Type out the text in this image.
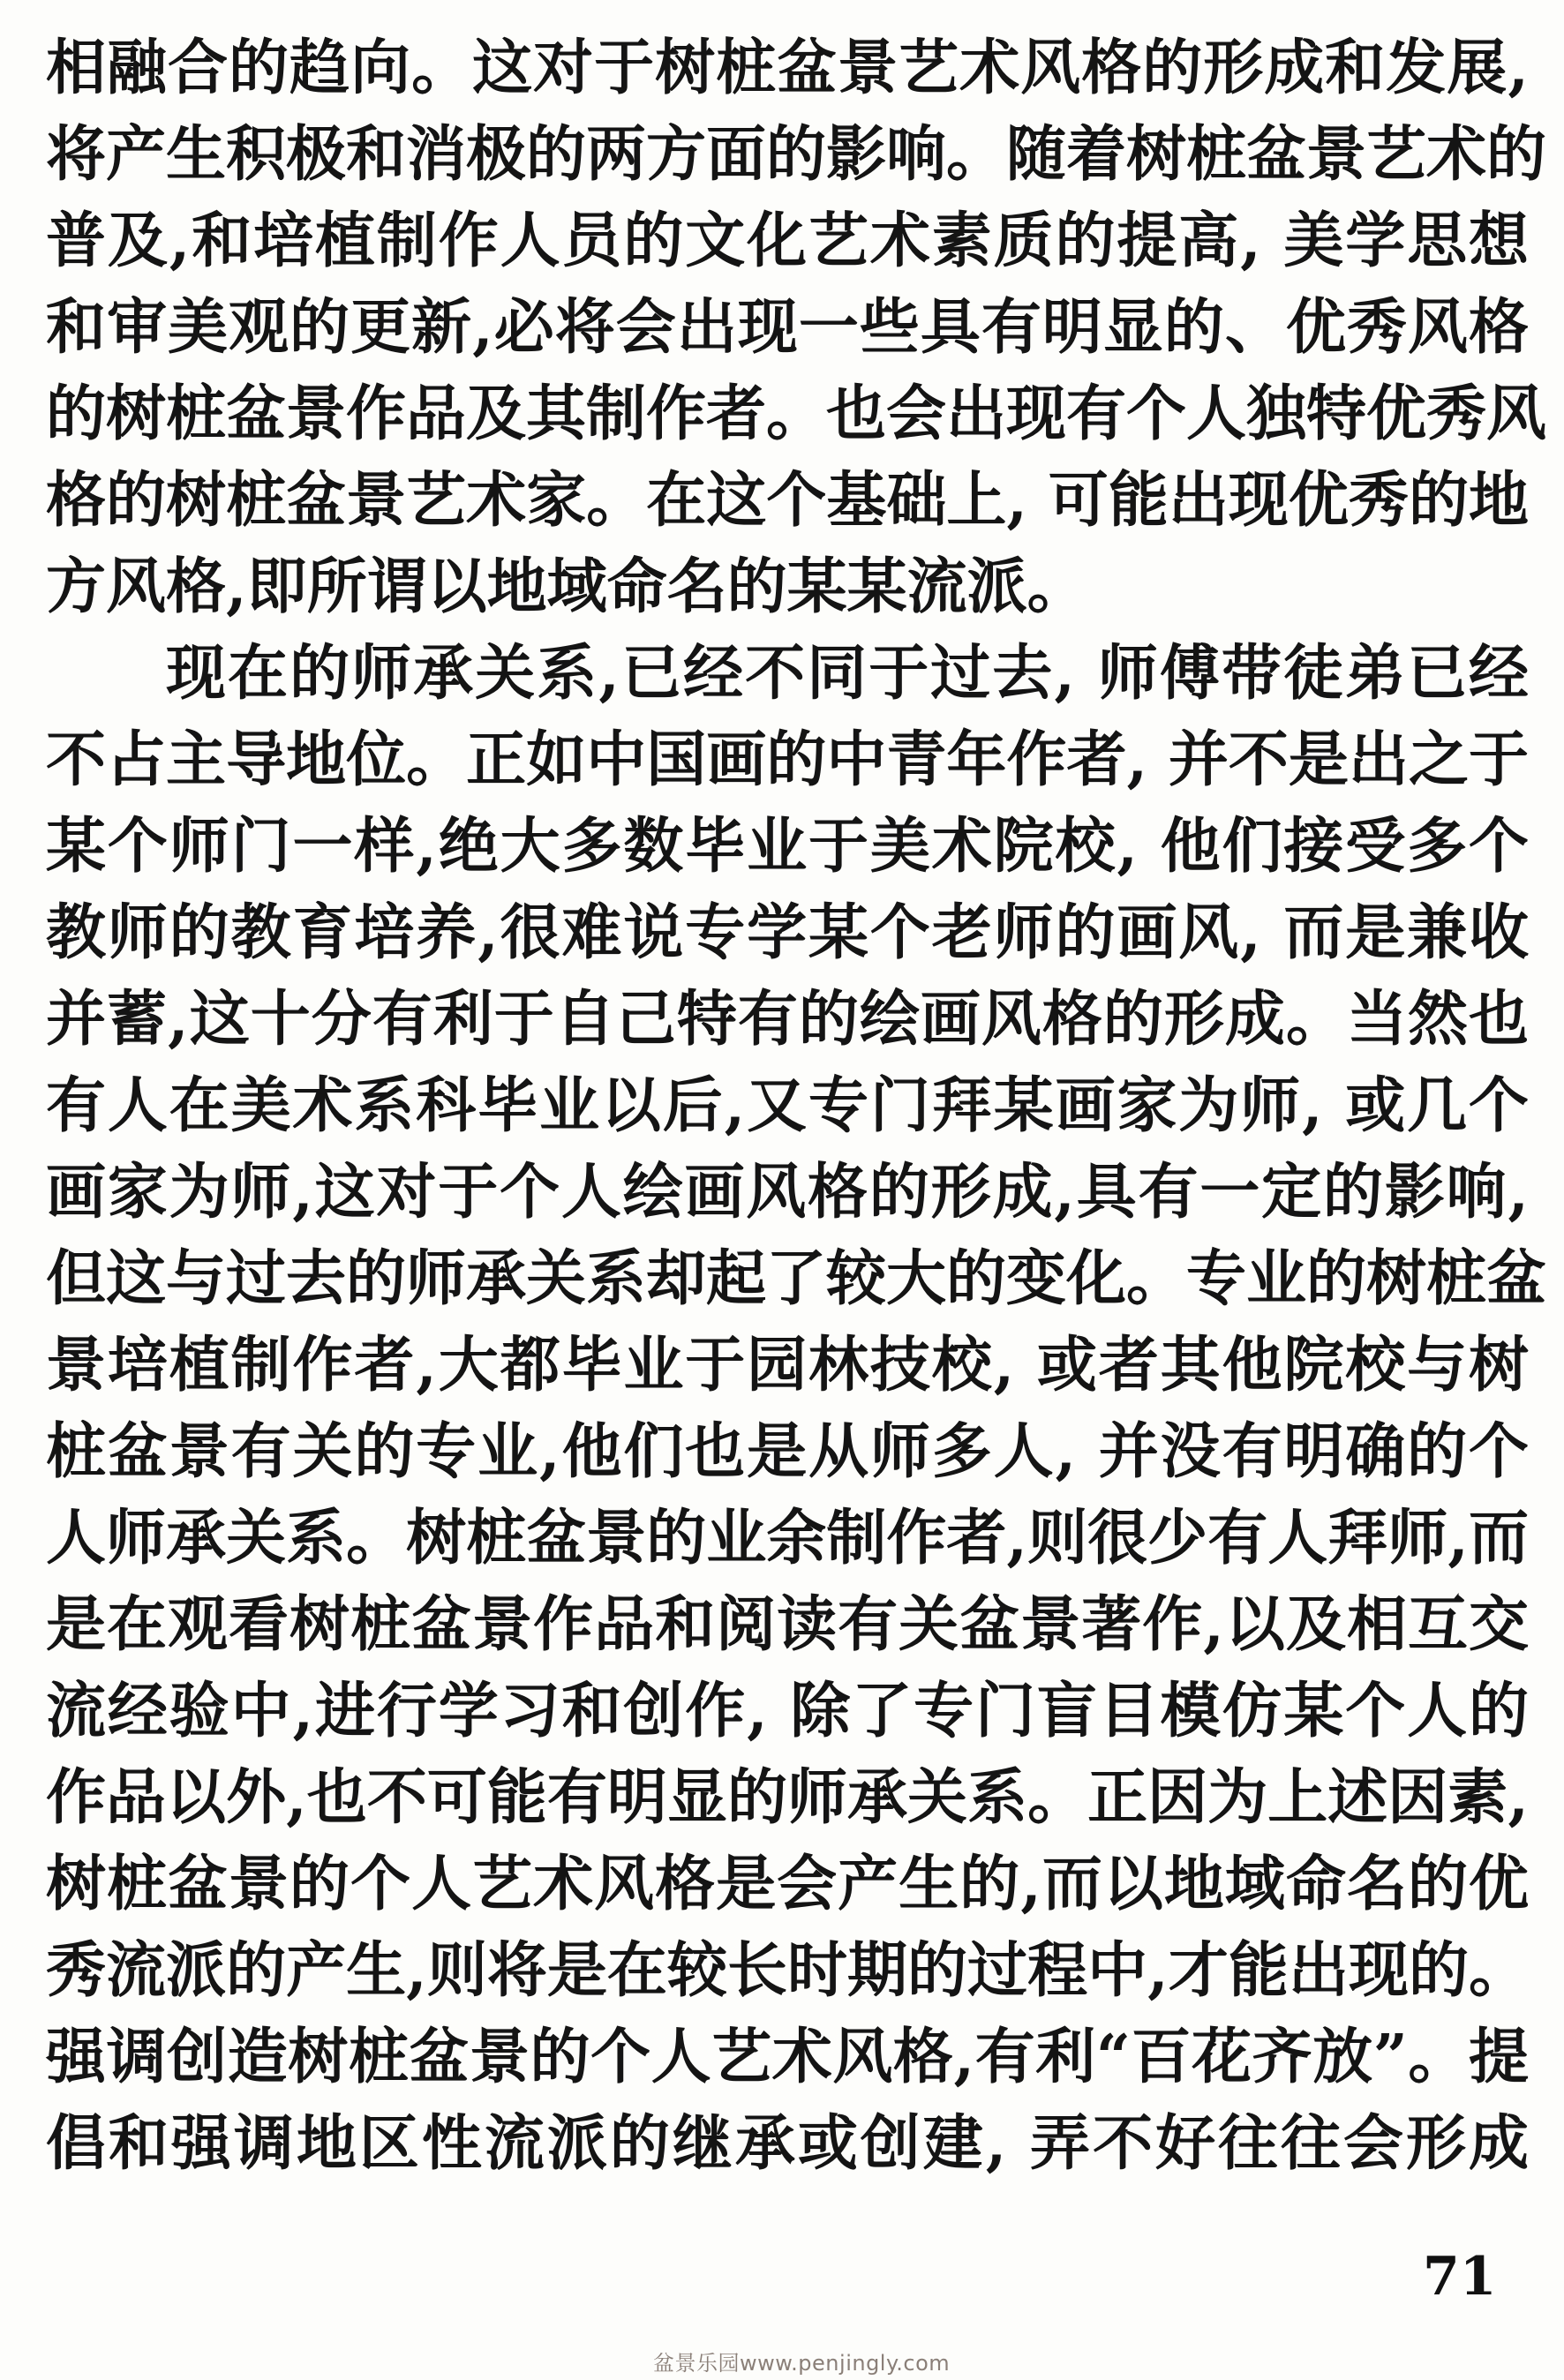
相融合的趋向。这对于树桩盆景艺术风格的形成和发展,
将产生积极和消极的两方面的影响。随着树桩盆景艺术的
普及,和培植制作人员的文化艺术素质的提高, 美学思想
和审美观的更新,必将会出现一些具有明显的、优秀风格
的树桩盆景作品及其制作者。也会出现有个人独特优秀风
格的树桩盆景艺术家。在这个基础上, 可能出现优秀的地
方风格,即所谓以地域命名的某某流派。

现在的师承关系,已经不同于过去, 师傅带徒弟已经
不占主导地位。正如中国画的中青年作者, 并不是出之于
某个师门一样,绝大多数毕业于美术院校, 他们接受多个
教师的教育培养,很难说专学某个老师的画风, 而是兼收
并蓄,这十分有利于自己特有的绘画风格的形成。当然也
有人在美术系科毕业以后,又专门拜某画家为师, 或几个
画家为师,这对于个人绘画风格的形成,具有一定的影响,
但这与过去的师承关系却起了较大的变化。专业的树桩盆
景培植制作者,大都毕业于园林技校, 或者其他院校与树
桩盆景有关的专业,他们也是从师多人, 并没有明确的个
人师承关系。树桩盆景的业余制作者,则很少有人拜师,而
是在观看树桩盆景作品和阅读有关盆景著作,以及相互交
流经验中,进行学习和创作, 除了专门盲目模仿某个人的
作品以外,也不可能有明显的师承关系。正因为上述因素,
树桩盆景的个人艺术风格是会产生的,而以地域命名的优
秀流派的产生,则将是在较长时期的过程中,才能出现的。
强调创造树桩盆景的个人艺术风格,有利“百花齐放”。提
倡和强调地区性流派的继承或创建, 弄不好往往会形成

71
盆景乐园www.penjingly.com
